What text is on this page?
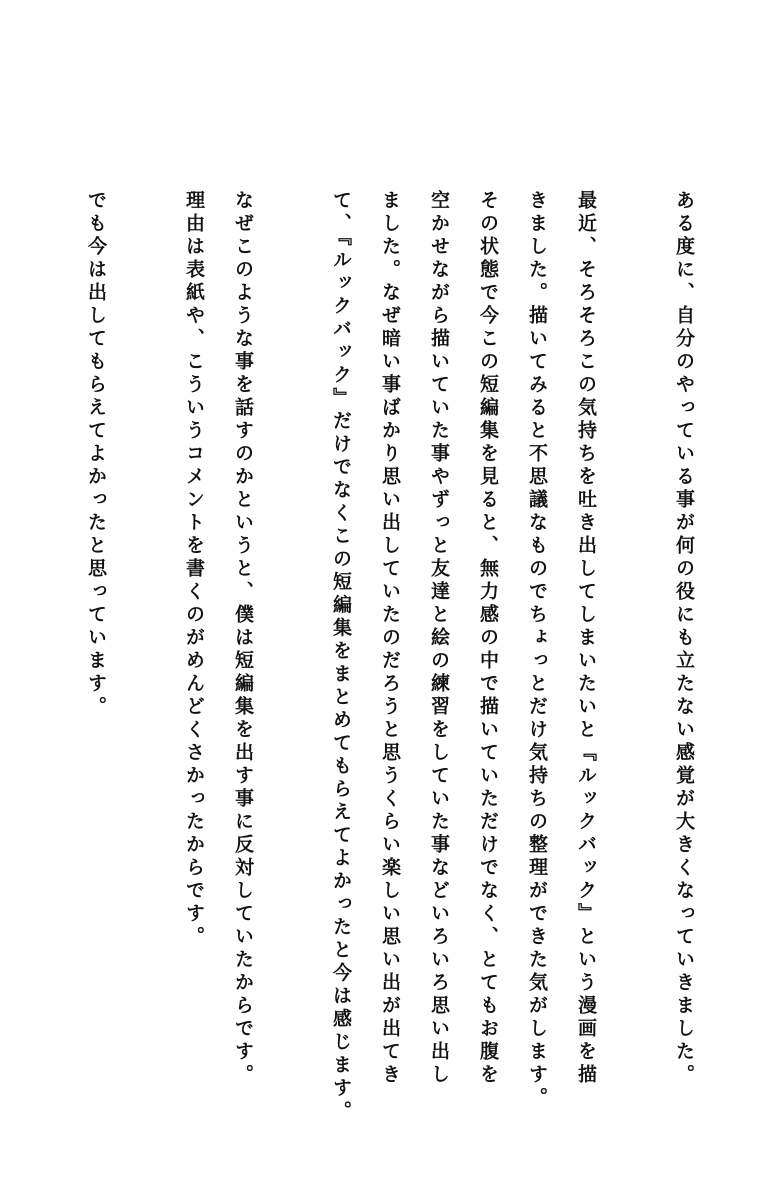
ある度に、自分のやっている事が何の役にも立たない感覚が大きくなっていきました。
最近、そろそろこの気持ちを吐き出してしまいたいと『ルックバック』という漫画を描
きました。描いてみると不思議なものでちょっとだけ気持ちの整理ができた気がします。
その状態で今この短編集を見ると、無力感の中で描いていただけでなく、とてもお腹を
空かせながら描いていた事やずっと友達と絵の練習をしていた事などいろいろ思い出し
ました。なぜ暗い事ばかり思い出していたのだろうと思うくらい楽しい思い出が出てき
て、『ルックバック』だけでなくこの短編集をまとめてもらえてよかったと今は感じます。
なぜこのような事を話すのかというと、僕は短編集を出す事に反対していたからです。
理由は表紙や、こういうコメントを書くのがめんどくさかったからです。
でも今は出してもらえてよかったと思っています。
